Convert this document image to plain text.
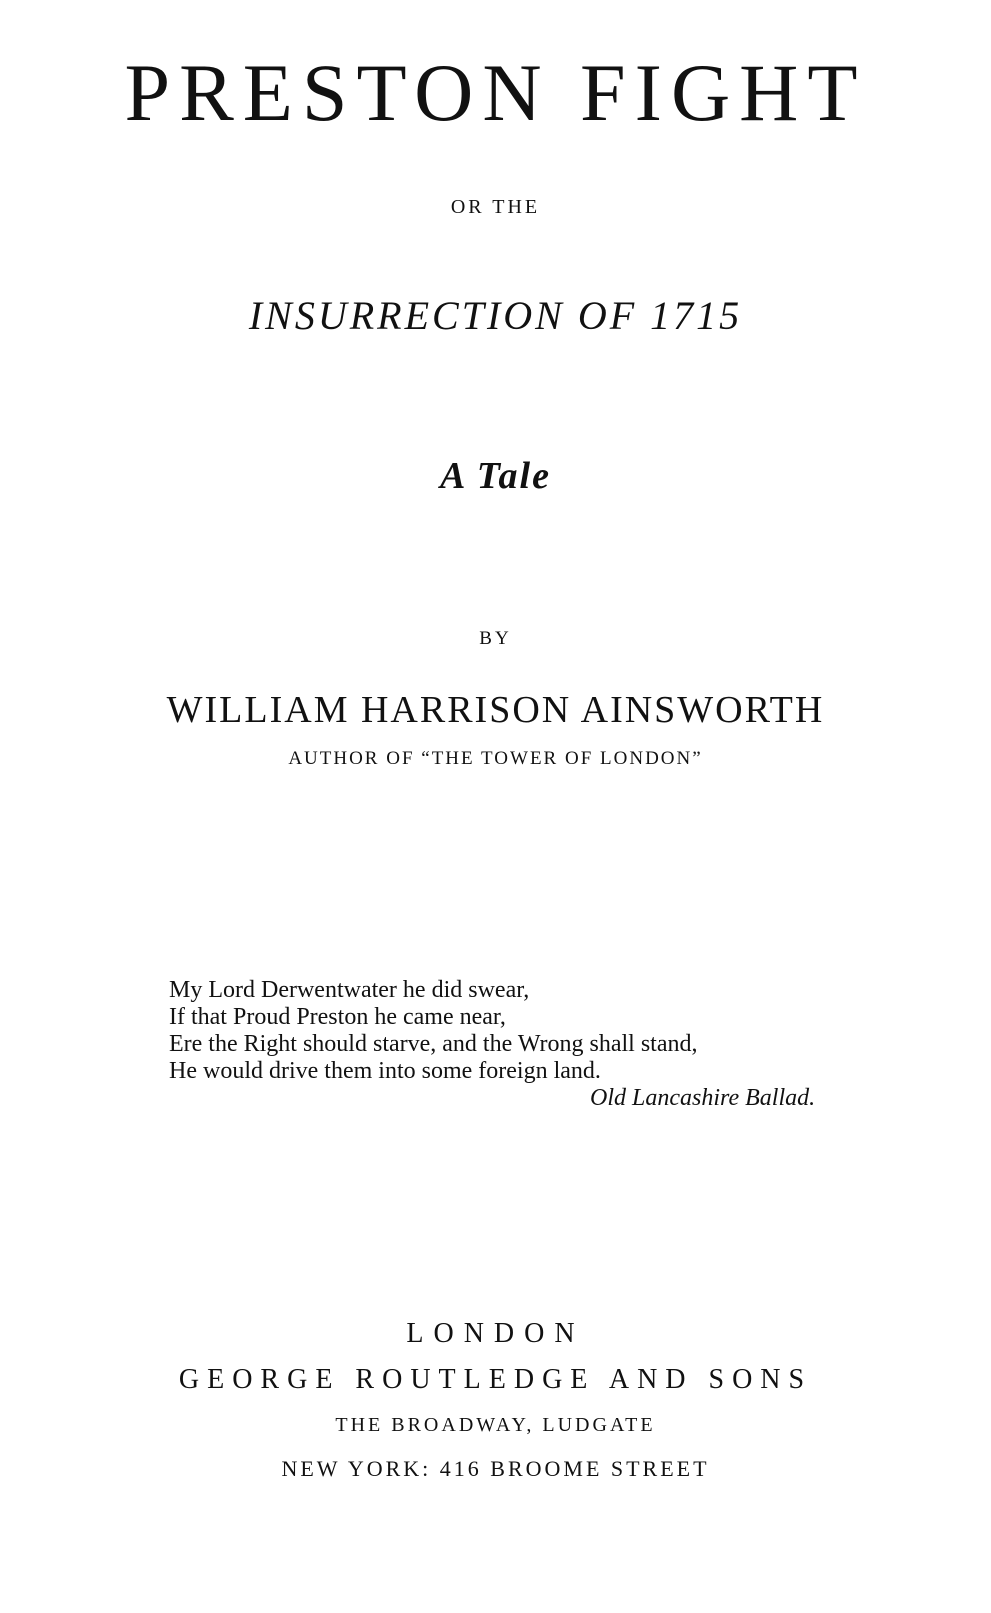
PRESTON FIGHT
OR THE
INSURRECTION OF 1715
A Tale
BY
WILLIAM HARRISON AINSWORTH
AUTHOR OF “THE TOWER OF LONDON”
My Lord Derwentwater he did swear,
If that Proud Preston he came near,
Ere the Right should starve, and the Wrong shall stand,
He would drive them into some foreign land.
Old Lancashire Ballad.
LONDON
GEORGE ROUTLEDGE AND SONS
THE BROADWAY, LUDGATE
NEW YORK: 416 BROOME STREET
